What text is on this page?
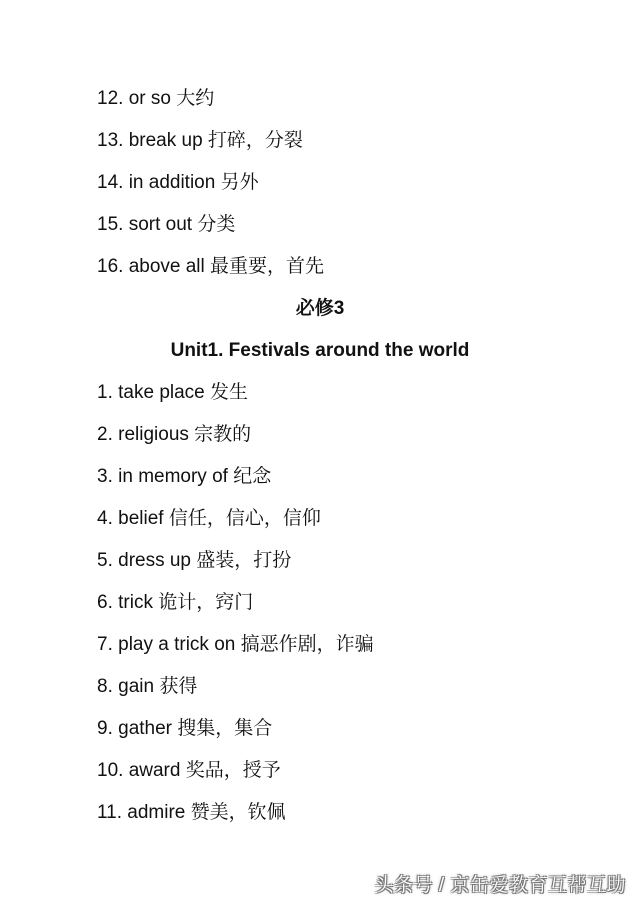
12. or so 大约
13. break up 打碎，分裂
14. in addition 另外
15. sort out 分类
16. above all 最重要，首先
必修3
Unit1. Festivals around the world
1. take place 发生
2. religious 宗教的
3. in memory of 纪念
4. belief 信任，信心，信仰
5. dress up 盛装，打扮
6. trick 诡计，窍门
7. play a trick on 搞恶作剧，诈骗
8. gain 获得
9. gather 搜集，集合
10. award 奖品，授予
11. admire 赞美，钦佩
头条号 / 京缶爱教育互帮互助
